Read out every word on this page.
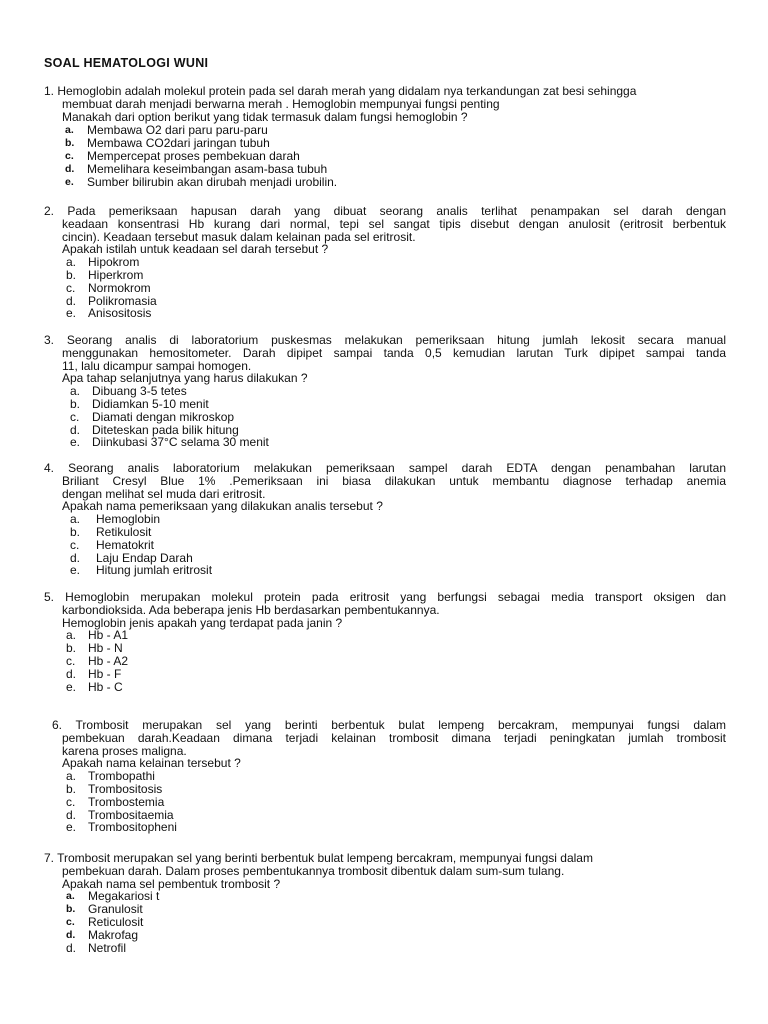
SOAL HEMATOLOGI WUNI
1. Hemoglobin adalah molekul protein pada sel darah merah yang didalam nya terkandungan zat besi sehingga
membuat darah menjadi berwarna merah . Hemoglobin mempunyai fungsi penting
Manakah dari option berikut yang tidak termasuk dalam fungsi hemoglobin ?
a.	Membawa O2 dari paru paru-paru
b.	Membawa CO2dari jaringan tubuh
c.	Mempercepat proses pembekuan darah
d.	Memelihara keseimbangan asam-basa tubuh
e.	Sumber bilirubin akan dirubah menjadi urobilin.
2. Pada pemeriksaan hapusan darah yang dibuat seorang analis terlihat penampakan sel darah dengan
keadaan konsentrasi Hb kurang dari normal, tepi sel sangat tipis disebut dengan anulosit (eritrosit berbentuk
cincin). Keadaan tersebut masuk dalam kelainan pada sel eritrosit.
Apakah istilah untuk keadaan sel darah tersebut ?
a. Hipokrom
b. Hiperkrom
c.	Normokrom
d. Polikromasia
e. Anisositosis
3. Seorang analis di laboratorium puskesmas melakukan pemeriksaan hitung jumlah lekosit secara manual
menggunakan hemositometer. Darah dipipet sampai tanda 0,5 kemudian larutan Turk dipipet sampai tanda
11, lalu dicampur sampai homogen.
Apa tahap selanjutnya yang harus dilakukan ?
a. Dibuang 3-5 tetes
b. Didiamkan 5-10 menit
c.	Diamati dengan mikroskop
d. Diteteskan pada bilik hitung
e. Diinkubasi 37°C selama 30 menit
4. Seorang analis laboratorium melakukan pemeriksaan sampel darah EDTA dengan penambahan larutan
Briliant Cresyl Blue 1% .Pemeriksaan ini biasa dilakukan untuk membantu diagnose terhadap anemia
dengan melihat sel muda dari eritrosit.
Apakah nama pemeriksaan yang dilakukan analis tersebut ?
a.	Hemoglobin
b.	Retikulosit
c.	Hematokrit
d.	Laju Endap Darah
e.	Hitung jumlah eritrosit
5. Hemoglobin merupakan molekul protein pada eritrosit yang berfungsi sebagai media transport oksigen dan
karbondioksida. Ada beberapa jenis Hb berdasarkan pembentukannya.
Hemoglobin jenis apakah yang terdapat pada janin ?
a. Hb - A1
b. Hb - N
c.	Hb - A2
d. Hb - F
e. Hb - C
6. Trombosit merupakan sel yang berinti berbentuk bulat lempeng bercakram, mempunyai fungsi dalam
pembekuan darah.Keadaan dimana terjadi kelainan trombosit dimana terjadi peningkatan jumlah trombosit
karena proses maligna.
Apakah nama kelainan tersebut ?
a. Trombopathi
b. Trombositosis
c.	Trombostemia
d. Trombositaemia
e. Trombositopheni
7. Trombosit merupakan sel yang berinti berbentuk bulat lempeng bercakram, mempunyai fungsi dalam
pembekuan darah. Dalam proses pembentukannya trombosit dibentuk dalam sum-sum tulang.
Apakah nama sel pembentuk trombosit ?
a.	Megakariosi t
b.	Granulosit
c.	Reticulosit
d.	Makrofag
d. Netrofil
